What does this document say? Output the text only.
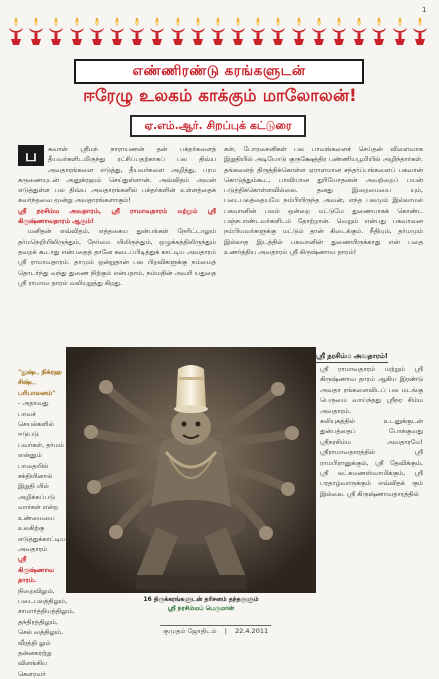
1
எண்ணிரண்டு கரங்களுடன்
ஈரேழு உலகம் காக்கும் மாலோலன்!
ஏ.எம்.ஆர். சிறப்புக் கட்டுரை

ப	கவான் ஸ்ரீமந் நாராயணன் தன் பக்தர்களைத் தீயவர்களிடமிருந்து ரட்சிப்பதற்காகப் பல திவ்ய அவதாரங்களை எடுத்து, தீயவர்களை அழித்து, பரம கருணையுடன் அனுக்ரஹம் செய்துள்ளான். அவ்விதம் அவன் எடுத்துள்ள பல திவ்ய அவதாரங்களில் பக்தர்களின் உள்ளத்தைக் கவர்ந்தவை மூன்று அவதாரங்களாகும்!

ஸ்ரீ நரசிம்ம அவதாரம், ஸ்ரீ ராமாவதாரம் மற்றும் ஸ்ரீ கிருஷ்ணாவதாரம் ஆகும்!

மனிதன் எவ்விதம், எத்தகைய துன்பங்கள் நேரிட்டாலும் தர்மநெறியிலிருந்தும், நேர்மை யிலிருந்தும், ஒழுக்கத்திலிருந்தும் தவறக் கூடாது என்பதைத் தானே கடைப்பிடித்துக் காட்டிய அவதாரம் ஸ்ரீ ராமாவதாரம். தாமும் ஒன்றுதான் பல பிறவிகளுக்கு நம்மைத் தொடர்ந்து வந்து துணை நிற்கும் என்பதாம், நம்மதின் அவரி யதுதை ஸ்ரீ ராமாவ தாரம் வலியுறுத்து கிறது.

கள், போரசைனிகள் பல பாவங்களைச் செய்தன் விளைவாக இறுதியில் அடியோடு குருக்ஷேத்திர புண்ணியபூமியில் அழிந்தார்கள். தங்களைத் திருத்திக்கொள்ள ஏராளமான சந்தர்ப்பங்களைப் பகவான் கொடுத்தும்கூட, பாவியான துரியோதனன் அவற்றைப் பயன் படுத்திக்கொள்ளவில்லை. தனது இறைமையை யும், படைபலத்தையுமே நம்பியிருந்த அவன், எந்த பலமும் இல்லாமல் பகவானின் பலம் ஒன்றை மட்டுமே துணையாகக் கொண்ட பஞ்சபாண்டவர்களிடம் தோற்றான். வெறும் என்பது பகவானை நம்பியவர்களுக்கு மட்டும் தான் கிடைக்கும். நீதியும், தர்மமும் இல்லாத இடத்தில் பகவானின் துணையிருக்காது என் பதை உணர்த்திய அவதாரம் ஸ்ரீ கிருஷ்ணாவ தாரம்!

ஸ்ரீ நரசிம்ம அவதாரம்!

ஸ்ரீ ராமாவதாரம் மற்றும் ஸ்ரீ கிருஷ்ணாவ தாரம் ஆகிய இரண்டு அவதா ரங்களைவிடப் பல மடங்கு பெருமை வாய்ந்தது ஸ்ரீநர சிம்ம அவதாரம்.

கலியுகத்தில் உடனுக்குடன் துன்பத்தைப் போக்குவது ஸ்ரீநரசிம்ம அவதாரமே! ஸ்ரீராமாவதாரத்தில் ஸ்ரீ ராமபிரானுக்கும், ஸ்ரீ தேவிக்கும், ஸ்ரீ லட்சுமணஸ்வாமிக்கும், ஸ்ரீ பரதாழ்வாருக்கும் எவ்விதக் கும் இல்லை. ஸ்ரீ கிருஷ்ணாவதாரத்தில்

"துஷ்ட நிக்ரஹ சிஷ்ட பரிபாலனம்"

- அதாவது பாவச் செயல்களில் ஈடுபடு பவர்கள், தர்மம் என்னும் பாதையில் சக்தியினால் இறுதி யில் அழிக்கப்படு வார்கள் என்ற உண்மையை உலகிற்கு எடுத்துக்காட்டிய அவதாரம்

ஸ்ரீ கிருஷ்ணாவ தாரம்.

நிறைவிலும், படைபலத்திலும், சாமார்த்தியத்திலும், தந்திரத்திலும், செல் வத்திலும், வீரத்தி லும் தன்னகரற்று விளங்கிய கௌரவர்

16 திருக்கரங்களுடன் தரிசனம் தந்தருளும்
ஸ்ரீ நரசிம்மப் பெருமான்
குமுதம் ஜோதிடம் | 22.4.2011
